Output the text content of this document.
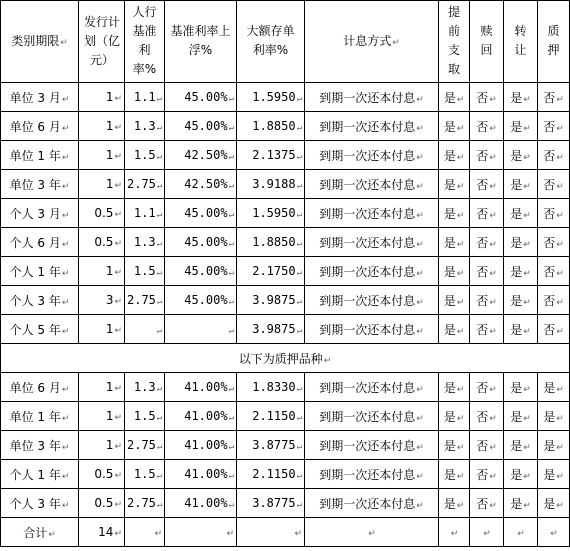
类别期限↵	发行计划（亿元）	人行基准利率%	基准利率上浮%	大额存单利率%	计息方式↵	提前支取	赎回	转让	质押
单位 3 月↵	1↵	1.1↵	45.00%↵	1.5950↵	到期一次还本付息↵	是↵	否↵	是↵	否↵
单位 6 月↵	1↵	1.3↵	45.00%↵	1.8850↵	到期一次还本付息↵	是↵	否↵	是↵	否↵
单位 1 年↵	1↵	1.5↵	42.50%↵	2.1375↵	到期一次还本付息↵	是↵	否↵	是↵	否↵
单位 3 年↵	1↵	2.75↵	42.50%↵	3.9188↵	到期一次还本付息↵	是↵	否↵	是↵	否↵
个人 3 月↵	0.5↵	1.1↵	45.00%↵	1.5950↵	到期一次还本付息↵	是↵	否↵	是↵	否↵
个人 6 月↵	0.5↵	1.3↵	45.00%↵	1.8850↵	到期一次还本付息↵	是↵	否↵	是↵	否↵
个人 1 年↵	1↵	1.5↵	45.00%↵	2.1750↵	到期一次还本付息↵	是↵	否↵	是↵	否↵
个人 3 年↵	3↵	2.75↵	45.00%↵	3.9875↵	到期一次还本付息↵	是↵	否↵	是↵	否↵
个人 5 年↵	1↵	↵	↵	3.9875↵	到期一次还本付息↵	是↵	否↵	是↵	否↵
以下为质押品种↵									
单位 6 月↵	1↵	1.3↵	41.00%↵	1.8330↵	到期一次还本付息↵	是↵	否↵	是↵	是↵
单位 1 年↵	1↵	1.5↵	41.00%↵	2.1150↵	到期一次还本付息↵	是↵	否↵	是↵	是↵
单位 3 年↵	1↵	2.75↵	41.00%↵	3.8775↵	到期一次还本付息↵	是↵	否↵	是↵	是↵
个人 1 年↵	0.5↵	1.5↵	41.00%↵	2.1150↵	到期一次还本付息↵	是↵	否↵	是↵	是↵
个人 3 年↵	0.5↵	2.75↵	41.00%↵	3.8775↵	到期一次还本付息↵	是↵	否↵	是↵	是↵
合计↵	14↵	↵	↵	↵	↵	↵	↵	↵	↵
